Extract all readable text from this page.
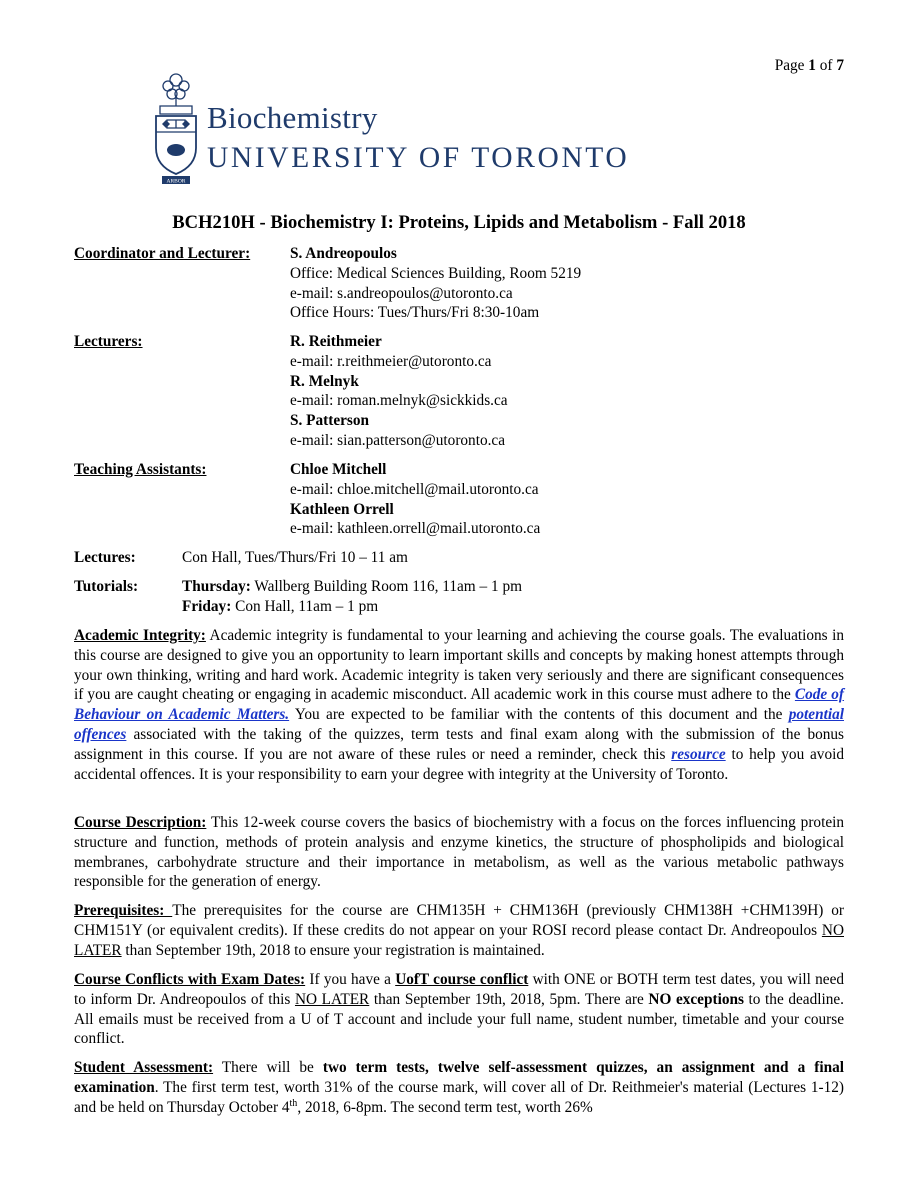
Page 1 of 7
ARBOR
Biochemistry
UNIVERSITY OF TORONTO
BCH210H - Biochemistry I: Proteins, Lipids and Metabolism - Fall 2018
Coordinator and Lecturer:	S. Andreopoulos
Office: Medical Sciences Building, Room 5219
e-mail: s.andreopoulos@utoronto.ca
Office Hours: Tues/Thurs/Fri 8:30-10am
Lecturers:	R. Reithmeier
e-mail: r.reithmeier@utoronto.ca
R. Melnyk
e-mail: roman.melnyk@sickkids.ca
S. Patterson
e-mail: sian.patterson@utoronto.ca
Teaching Assistants:	Chloe Mitchell
e-mail: chloe.mitchell@mail.utoronto.ca
Kathleen Orrell
e-mail: kathleen.orrell@mail.utoronto.ca
Lectures:	Con Hall, Tues/Thurs/Fri 10 – 11 am
Tutorials:	Thursday: Wallberg Building Room 116, 11am – 1 pm
Friday: Con Hall, 11am – 1 pm
Academic Integrity: Academic integrity is fundamental to your learning and achieving the course goals. The evaluations in this course are designed to give you an opportunity to learn important skills and concepts by making honest attempts through your own thinking, writing and hard work. Academic integrity is taken very seriously and there are significant consequences if you are caught cheating or engaging in academic misconduct. All academic work in this course must adhere to the Code of Behaviour on Academic Matters. You are expected to be familiar with the contents of this document and the potential offences associated with the taking of the quizzes, term tests and final exam along with the submission of the bonus assignment in this course. If you are not aware of these rules or need a reminder, check this resource to help you avoid accidental offences. It is your responsibility to earn your degree with integrity at the University of Toronto.
Course Description: This 12-week course covers the basics of biochemistry with a focus on the forces influencing protein structure and function, methods of protein analysis and enzyme kinetics, the structure of phospholipids and biological membranes, carbohydrate structure and their importance in metabolism, as well as the various metabolic pathways responsible for the generation of energy.
Prerequisites: The prerequisites for the course are CHM135H + CHM136H (previously CHM138H +CHM139H) or CHM151Y (or equivalent credits). If these credits do not appear on your ROSI record please contact Dr. Andreopoulos NO LATER than September 19th, 2018 to ensure your registration is maintained.
Course Conflicts with Exam Dates: If you have a UofT course conflict with ONE or BOTH term test dates, you will need to inform Dr. Andreopoulos of this NO LATER than September 19th, 2018, 5pm. There are NO exceptions to the deadline. All emails must be received from a U of T account and include your full name, student number, timetable and your course conflict.
Student Assessment: There will be two term tests, twelve self-assessment quizzes, an assignment and a final examination. The first term test, worth 31% of the course mark, will cover all of Dr. Reithmeier's material (Lectures 1-12) and be held on Thursday October 4th, 2018, 6-8pm. The second term test, worth 26%
